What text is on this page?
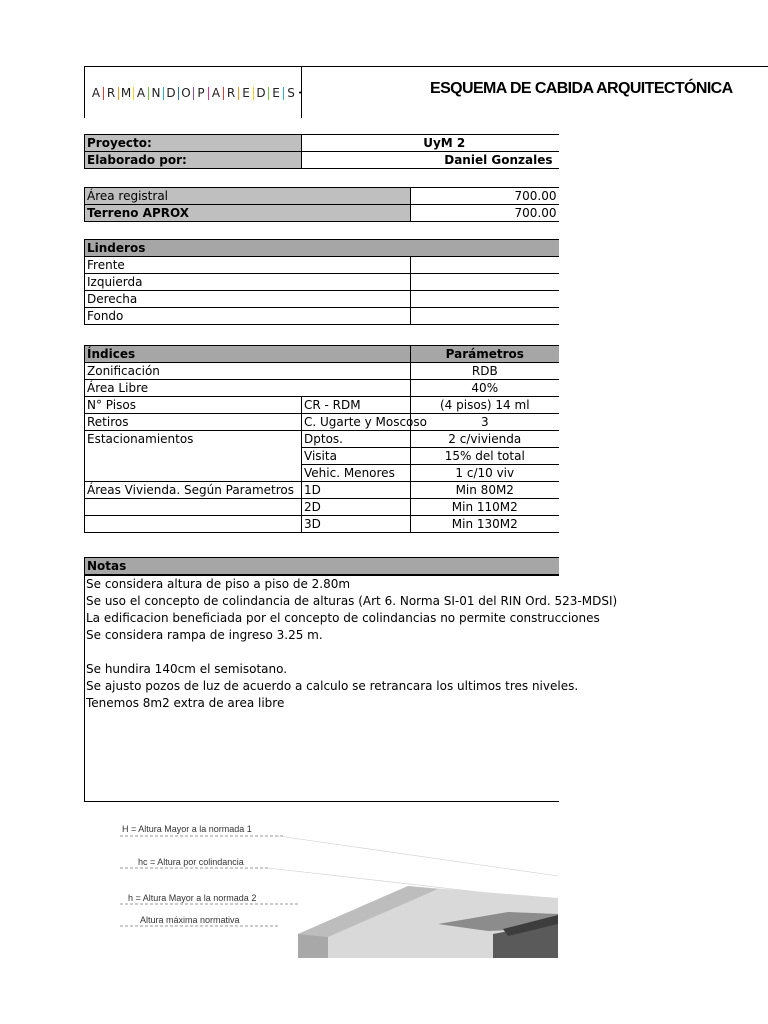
A R M A N D O P A R E D E S •	ESQUEMA DE CABIDA ARQUITECTÓNICA
Proyecto:	UyM 2
Elaborado por:	Daniel Gonzales
Área registral	700.00
Terreno APROX	700.00
Linderos	
Frente	
Izquierda	
Derecha	
Fondo	
Índices		Parámetros
Zonificación		RDB
Área Libre		40%
N° Pisos	CR - RDM	(4 pisos) 14 ml
Retiros	C. Ugarte y Moscoso	3
Estacionamientos	Dptos.	2 c/vivienda
	Visita	15% del total
	Vehic. Menores	1 c/10 viv
Áreas Vivienda. Según Parametros	1D	Min 80M2
	2D	Min 110M2
	3D	Min 130M2
Notas
Se considera altura de piso a piso de 2.80m
Se uso el concepto de colindancia de alturas (Art 6. Norma SI-01 del RIN Ord. 523-MDSI)
La edificacion beneficiada por el concepto de colindancias no permite construcciones
Se considera rampa de ingreso 3.25 m.
Se hundira 140cm el semisotano.
Se ajusto pozos de luz de acuerdo a calculo se retrancara los ultimos tres niveles.
Tenemos 8m2 extra de area libre
H = Altura Mayor a la normada 1
hc = Altura por colindancia
h = Altura Mayor a la normada 2
Altura máxima normativa
